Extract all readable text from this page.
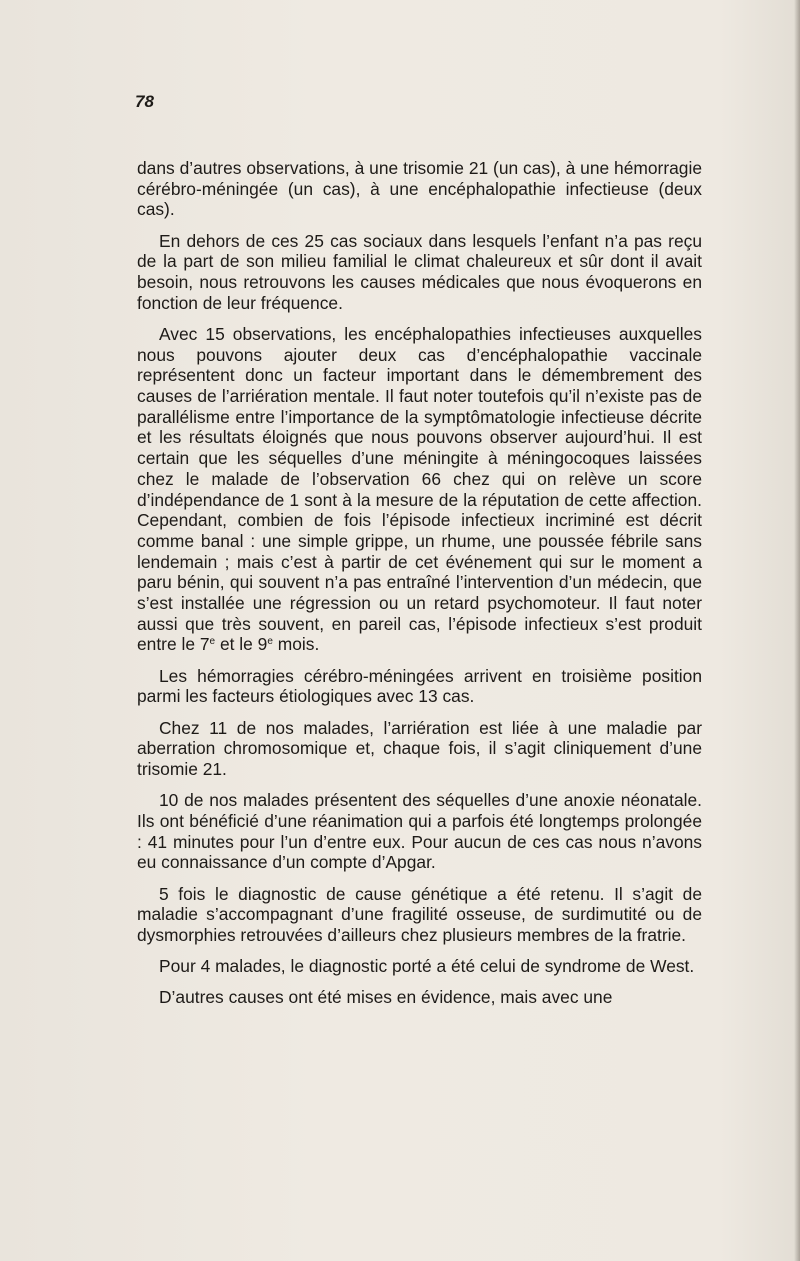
78

dans d’autres observations, à une trisomie 21 (un cas), à une hémorragie cérébro-méningée (un cas), à une encéphalopathie infectieuse (deux cas).

En dehors de ces 25 cas sociaux dans lesquels l’enfant n’a pas reçu de la part de son milieu familial le climat chaleureux et sûr dont il avait besoin, nous retrouvons les causes médicales que nous évoquerons en fonction de leur fréquence.

Avec 15 observations, les encéphalopathies infectieuses auxquelles nous pouvons ajouter deux cas d’encéphalopathie vaccinale représentent donc un facteur important dans le démembrement des causes de l’arriération mentale. Il faut noter toutefois qu’il n’existe pas de parallélisme entre l’importance de la symptômatologie infectieuse décrite et les résultats éloignés que nous pouvons observer aujourd’hui. Il est certain que les séquelles d’une méningite à méningocoques laissées chez le malade de l’observation 66 chez qui on relève un score d’indépendance de 1 sont à la mesure de la réputation de cette affection. Cependant, combien de fois l’épisode infectieux incriminé est décrit comme banal : une simple grippe, un rhume, une poussée fébrile sans lendemain ; mais c’est à partir de cet événement qui sur le moment a paru bénin, qui souvent n’a pas entraîné l’intervention d’un médecin, que s’est installée une régression ou un retard psychomoteur. Il faut noter aussi que très souvent, en pareil cas, l’épisode infectieux s’est produit entre le 7e et le 9e mois.

Les hémorragies cérébro-méningées arrivent en troisième position parmi les facteurs étiologiques avec 13 cas.

Chez 11 de nos malades, l’arriération est liée à une maladie par aberration chromosomique et, chaque fois, il s’agit cliniquement d’une trisomie 21.

10 de nos malades présentent des séquelles d’une anoxie néonatale. Ils ont bénéficié d’une réanimation qui a parfois été longtemps prolongée : 41 minutes pour l’un d’entre eux. Pour aucun de ces cas nous n’avons eu connaissance d’un compte d’Apgar.

5 fois le diagnostic de cause génétique a été retenu. Il s’agit de maladie s’accompagnant d’une fragilité osseuse, de surdimutité ou de dysmorphies retrouvées d’ailleurs chez plusieurs membres de la fratrie.

Pour 4 malades, le diagnostic porté a été celui de syndrome de West.

D’autres causes ont été mises en évidence, mais avec une
